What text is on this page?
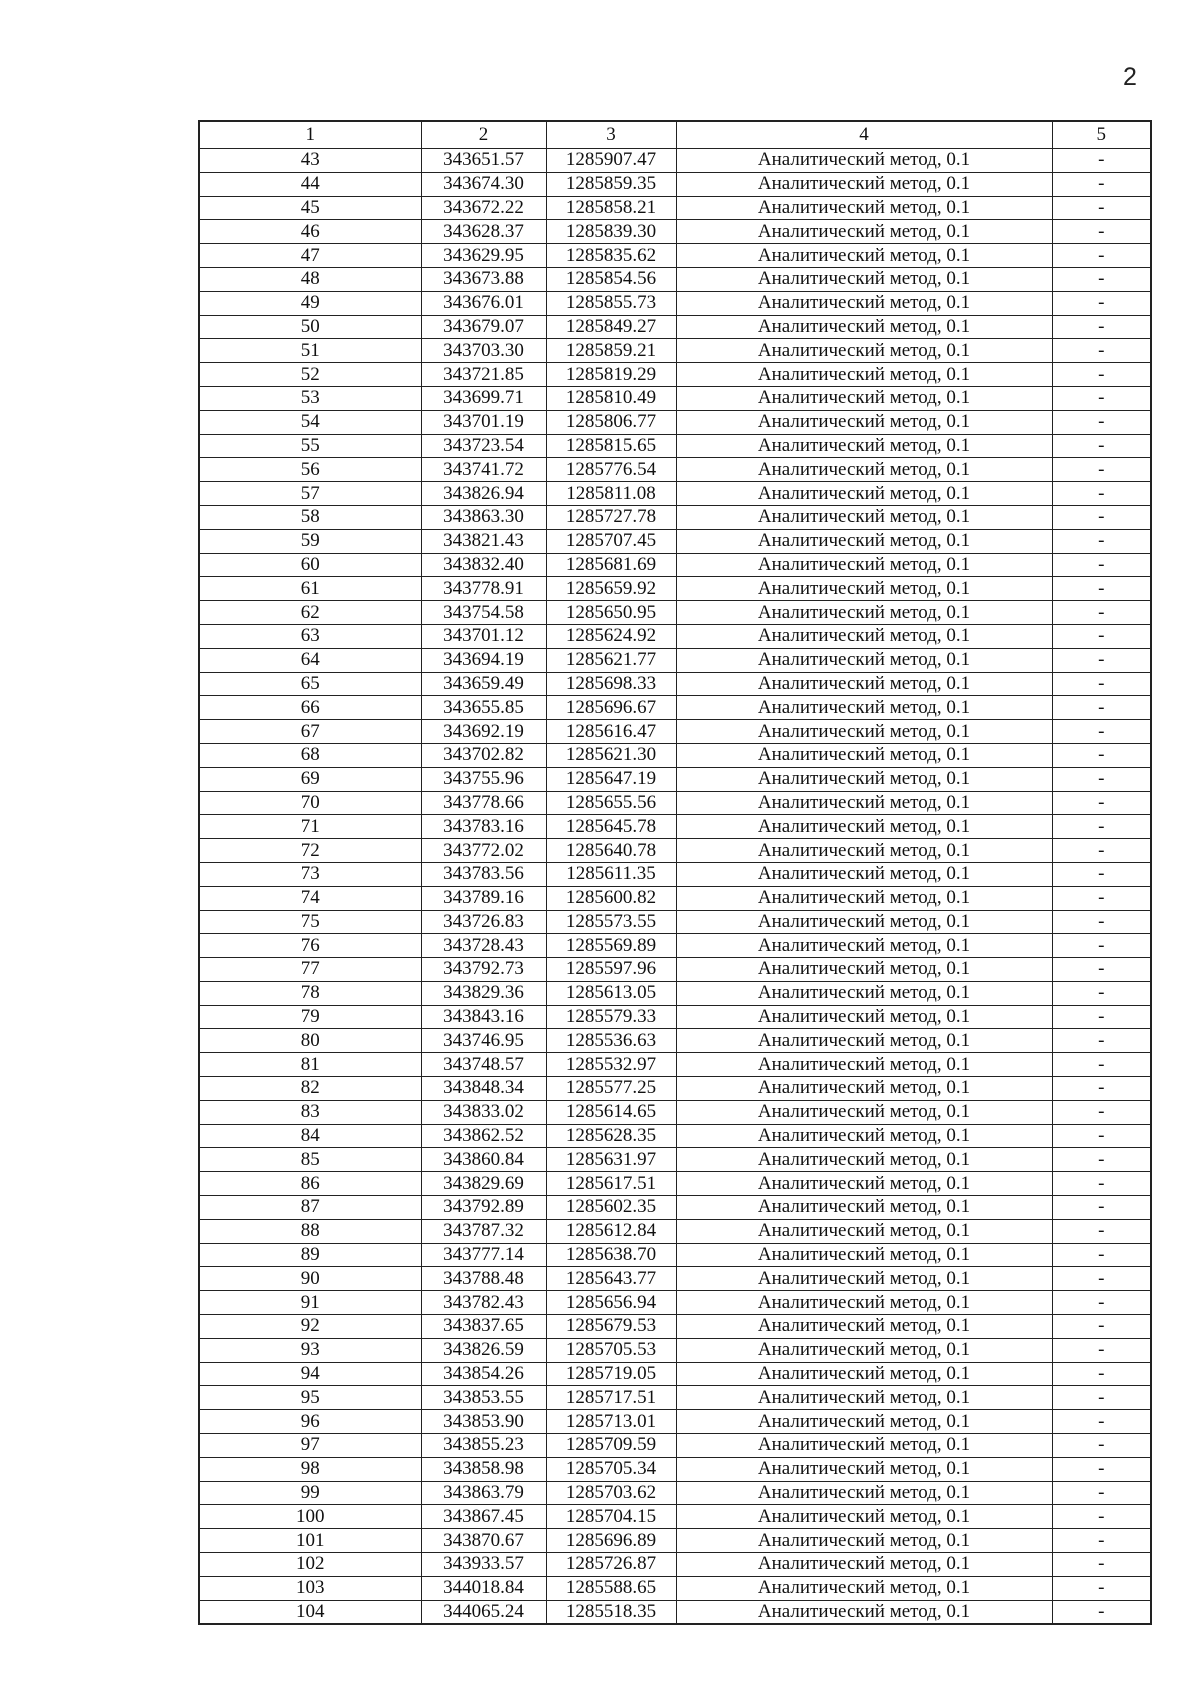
2
1	2	3	4	5
43	343651.57	1285907.47	Аналитический метод, 0.1	-
44	343674.30	1285859.35	Аналитический метод, 0.1	-
45	343672.22	1285858.21	Аналитический метод, 0.1	-
46	343628.37	1285839.30	Аналитический метод, 0.1	-
47	343629.95	1285835.62	Аналитический метод, 0.1	-
48	343673.88	1285854.56	Аналитический метод, 0.1	-
49	343676.01	1285855.73	Аналитический метод, 0.1	-
50	343679.07	1285849.27	Аналитический метод, 0.1	-
51	343703.30	1285859.21	Аналитический метод, 0.1	-
52	343721.85	1285819.29	Аналитический метод, 0.1	-
53	343699.71	1285810.49	Аналитический метод, 0.1	-
54	343701.19	1285806.77	Аналитический метод, 0.1	-
55	343723.54	1285815.65	Аналитический метод, 0.1	-
56	343741.72	1285776.54	Аналитический метод, 0.1	-
57	343826.94	1285811.08	Аналитический метод, 0.1	-
58	343863.30	1285727.78	Аналитический метод, 0.1	-
59	343821.43	1285707.45	Аналитический метод, 0.1	-
60	343832.40	1285681.69	Аналитический метод, 0.1	-
61	343778.91	1285659.92	Аналитический метод, 0.1	-
62	343754.58	1285650.95	Аналитический метод, 0.1	-
63	343701.12	1285624.92	Аналитический метод, 0.1	-
64	343694.19	1285621.77	Аналитический метод, 0.1	-
65	343659.49	1285698.33	Аналитический метод, 0.1	-
66	343655.85	1285696.67	Аналитический метод, 0.1	-
67	343692.19	1285616.47	Аналитический метод, 0.1	-
68	343702.82	1285621.30	Аналитический метод, 0.1	-
69	343755.96	1285647.19	Аналитический метод, 0.1	-
70	343778.66	1285655.56	Аналитический метод, 0.1	-
71	343783.16	1285645.78	Аналитический метод, 0.1	-
72	343772.02	1285640.78	Аналитический метод, 0.1	-
73	343783.56	1285611.35	Аналитический метод, 0.1	-
74	343789.16	1285600.82	Аналитический метод, 0.1	-
75	343726.83	1285573.55	Аналитический метод, 0.1	-
76	343728.43	1285569.89	Аналитический метод, 0.1	-
77	343792.73	1285597.96	Аналитический метод, 0.1	-
78	343829.36	1285613.05	Аналитический метод, 0.1	-
79	343843.16	1285579.33	Аналитический метод, 0.1	-
80	343746.95	1285536.63	Аналитический метод, 0.1	-
81	343748.57	1285532.97	Аналитический метод, 0.1	-
82	343848.34	1285577.25	Аналитический метод, 0.1	-
83	343833.02	1285614.65	Аналитический метод, 0.1	-
84	343862.52	1285628.35	Аналитический метод, 0.1	-
85	343860.84	1285631.97	Аналитический метод, 0.1	-
86	343829.69	1285617.51	Аналитический метод, 0.1	-
87	343792.89	1285602.35	Аналитический метод, 0.1	-
88	343787.32	1285612.84	Аналитический метод, 0.1	-
89	343777.14	1285638.70	Аналитический метод, 0.1	-
90	343788.48	1285643.77	Аналитический метод, 0.1	-
91	343782.43	1285656.94	Аналитический метод, 0.1	-
92	343837.65	1285679.53	Аналитический метод, 0.1	-
93	343826.59	1285705.53	Аналитический метод, 0.1	-
94	343854.26	1285719.05	Аналитический метод, 0.1	-
95	343853.55	1285717.51	Аналитический метод, 0.1	-
96	343853.90	1285713.01	Аналитический метод, 0.1	-
97	343855.23	1285709.59	Аналитический метод, 0.1	-
98	343858.98	1285705.34	Аналитический метод, 0.1	-
99	343863.79	1285703.62	Аналитический метод, 0.1	-
100	343867.45	1285704.15	Аналитический метод, 0.1	-
101	343870.67	1285696.89	Аналитический метод, 0.1	-
102	343933.57	1285726.87	Аналитический метод, 0.1	-
103	344018.84	1285588.65	Аналитический метод, 0.1	-
104	344065.24	1285518.35	Аналитический метод, 0.1	-
